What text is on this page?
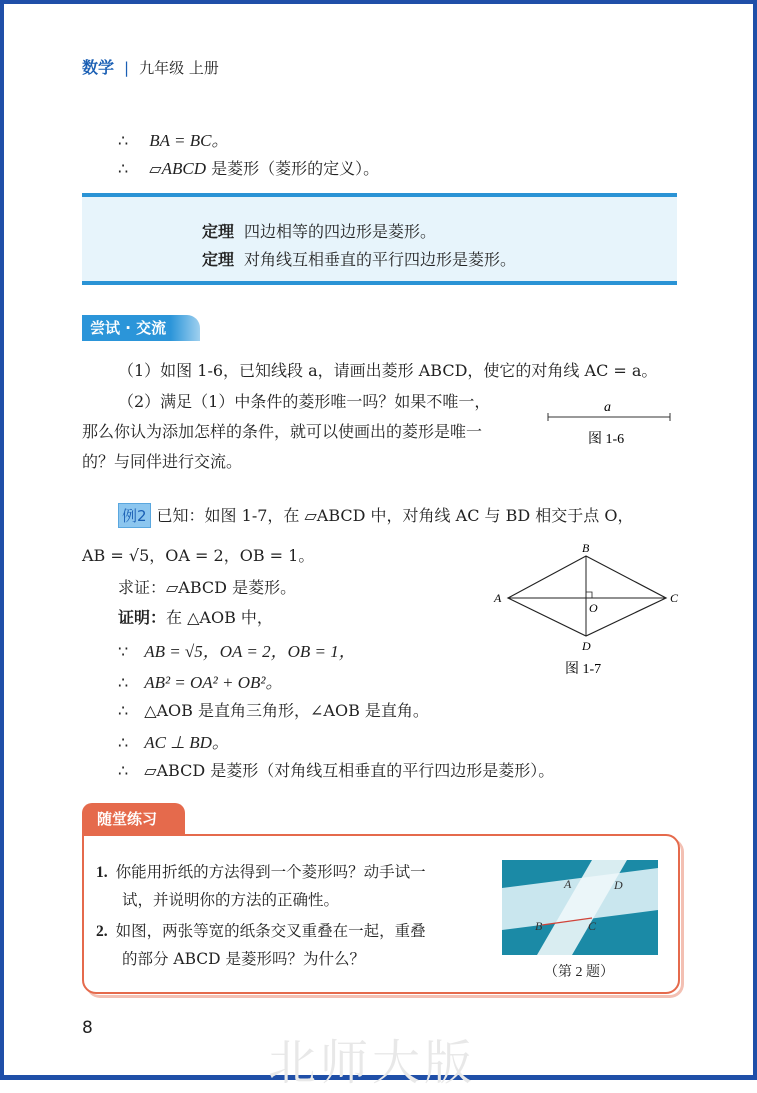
数学 | 九年级 上册
∴ BA = BC。
∴ ▱ABCD 是菱形（菱形的定义）。
定理 四边相等的四边形是菱形。
定理 对角线互相垂直的平行四边形是菱形。
尝试 · 交流
（1）如图 1-6，已知线段 a，请画出菱形 ABCD，使它的对角线 AC = a。
（2）满足（1）中条件的菱形唯一吗？如果不唯一，
那么你认为添加怎样的条件，就可以使画出的菱形是唯一
的？与同伴进行交流。
a
图 1-6
例2 已知：如图 1-7，在 ▱ABCD 中，对角线 AC 与 BD 相交于点 O，
AB = √5，OA = 2，OB = 1。
求证：▱ABCD 是菱形。
证明：在 △AOB 中，
∵ AB = √5，OA = 2，OB = 1，
∴ AB² = OA² + OB²。
∴ △AOB 是直角三角形，∠AOB 是直角。
∴ AC ⊥ BD。
∴ ▱ABCD 是菱形（对角线互相垂直的平行四边形是菱形）。
B
A	C
D
O
图 1-7
随堂练习
1. 你能用折纸的方法得到一个菱形吗？动手试一
试，并说明你的方法的正确性。
2. 如图，两张等宽的纸条交叉重叠在一起，重叠
的部分 ABCD 是菱形吗？为什么？
A	D
B	C
（第 2 题）
8
北师大版
